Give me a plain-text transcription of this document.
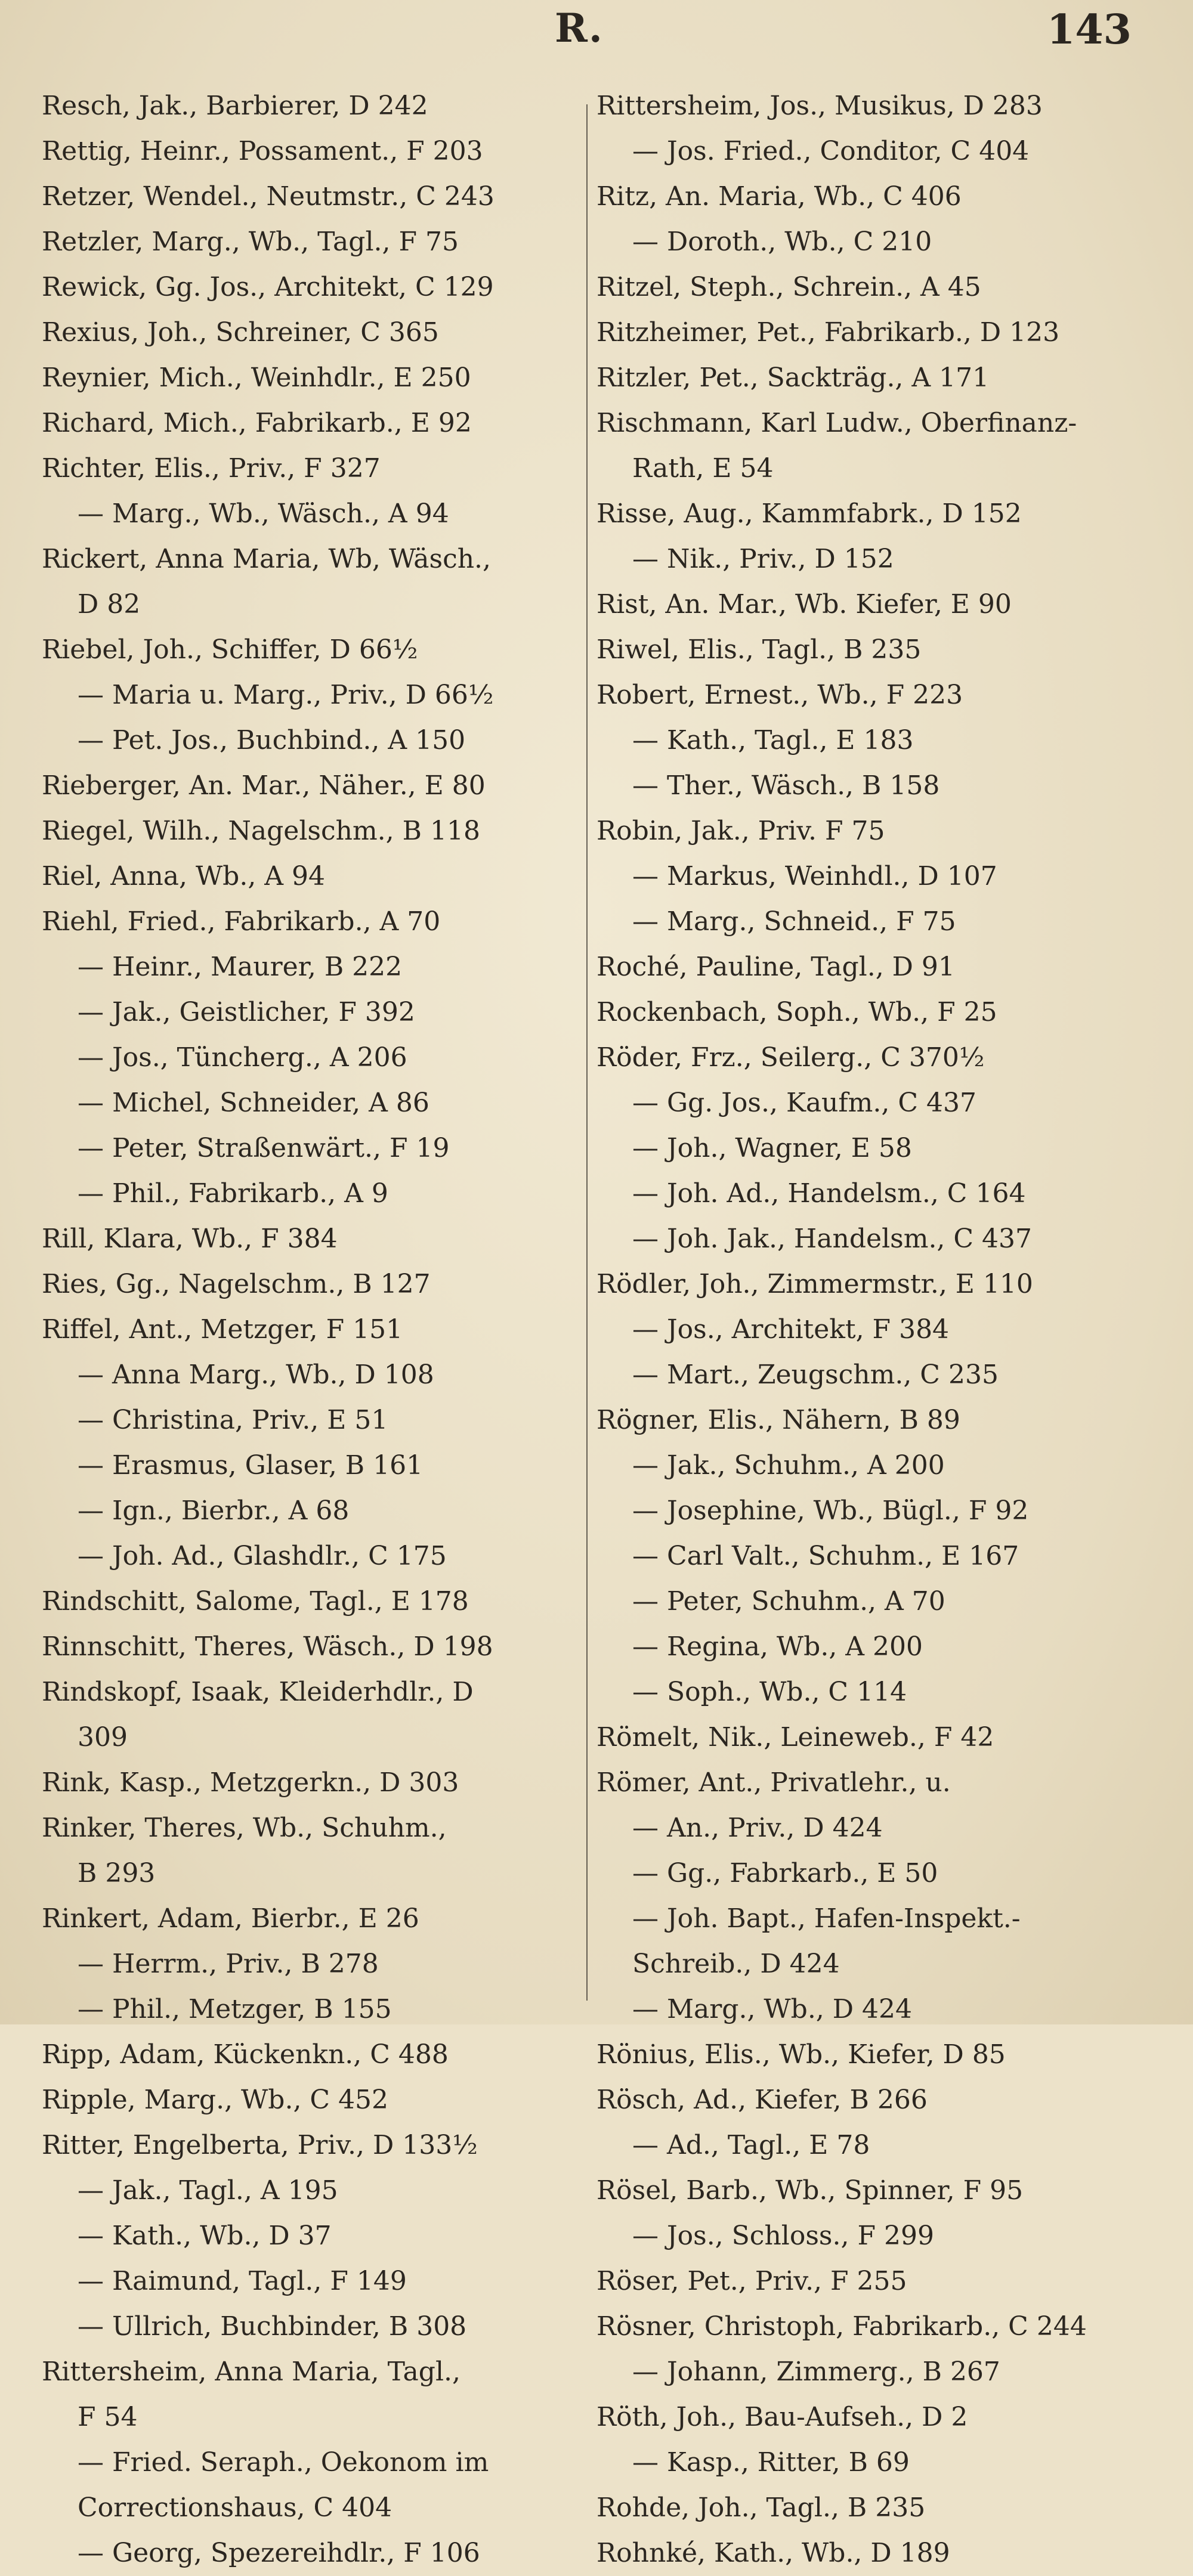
R.	143
Resch, Jak., Barbierer, D 242
Rettig, Heinr., Possament., F 203
Retzer, Wendel., Neutmstr., C 243
Retzler, Marg., Wb., Tagl., F 75
Rewick, Gg. Jos., Architekt, C 129
Rexius, Joh., Schreiner, C 365
Reynier, Mich., Weinhdlr., E 250
Richard, Mich., Fabrikarb., E 92
Richter, Elis., Priv., F 327
— Marg., Wb., Wäsch., A 94
Rickert, Anna Maria, Wb, Wäsch.,
D 82
Riebel, Joh., Schiffer, D 66½
— Maria u. Marg., Priv., D 66½
— Pet. Jos., Buchbind., A 150
Rieberger, An. Mar., Näher., E 80
Riegel, Wilh., Nagelschm., B 118
Riel, Anna, Wb., A 94
Riehl, Fried., Fabrikarb., A 70
— Heinr., Maurer, B 222
— Jak., Geistlicher, F 392
— Jos., Tüncherg., A 206
— Michel, Schneider, A 86
— Peter, Straßenwärt., F 19
— Phil., Fabrikarb., A 9
Rill, Klara, Wb., F 384
Ries, Gg., Nagelschm., B 127
Riffel, Ant., Metzger, F 151
— Anna Marg., Wb., D 108
— Christina, Priv., E 51
— Erasmus, Glaser, B 161
— Ign., Bierbr., A 68
— Joh. Ad., Glashdlr., C 175
Rindschitt, Salome, Tagl., E 178
Rinnschitt, Theres, Wäsch., D 198
Rindskopf, Isaak, Kleiderhdlr., D
309
Rink, Kasp., Metzgerkn., D 303
Rinker, Theres, Wb., Schuhm.,
B 293
Rinkert, Adam, Bierbr., E 26
— Herrm., Priv., B 278
— Phil., Metzger, B 155
Ripp, Adam, Kückenkn., C 488
Ripple, Marg., Wb., C 452
Ritter, Engelberta, Priv., D 133½
— Jak., Tagl., A 195
— Kath., Wb., D 37
— Raimund, Tagl., F 149
— Ullrich, Buchbinder, B 308
Rittersheim, Anna Maria, Tagl.,
F 54
— Fried. Seraph., Oekonom im
Correctionshaus, C 404
— Georg, Spezereihdlr., F 106
Rittersheim, Jos., Musikus, D 283
— Jos. Fried., Conditor, C 404
Ritz, An. Maria, Wb., C 406
— Doroth., Wb., C 210
Ritzel, Steph., Schrein., A 45
Ritzheimer, Pet., Fabrikarb., D 123
Ritzler, Pet., Sackträg., A 171
Rischmann, Karl Ludw., Oberfinanz-
Rath, E 54
Risse, Aug., Kammfabrk., D 152
— Nik., Priv., D 152
Rist, An. Mar., Wb. Kiefer, E 90
Riwel, Elis., Tagl., B 235
Robert, Ernest., Wb., F 223
— Kath., Tagl., E 183
— Ther., Wäsch., B 158
Robin, Jak., Priv. F 75
— Markus, Weinhdl., D 107
— Marg., Schneid., F 75
Roché, Pauline, Tagl., D 91
Rockenbach, Soph., Wb., F 25
Röder, Frz., Seilerg., C 370½
— Gg. Jos., Kaufm., C 437
— Joh., Wagner, E 58
— Joh. Ad., Handelsm., C 164
— Joh. Jak., Handelsm., C 437
Rödler, Joh., Zimmermstr., E 110
— Jos., Architekt, F 384
— Mart., Zeugschm., C 235
Rögner, Elis., Nähern, B 89
— Jak., Schuhm., A 200
— Josephine, Wb., Bügl., F 92
— Carl Valt., Schuhm., E 167
— Peter, Schuhm., A 70
— Regina, Wb., A 200
— Soph., Wb., C 114
Römelt, Nik., Leineweb., F 42
Römer, Ant., Privatlehr., u.
— An., Priv., D 424
— Gg., Fabrkarb., E 50
— Joh. Bapt., Hafen-Inspekt.-
Schreib., D 424
— Marg., Wb., D 424
Rönius, Elis., Wb., Kiefer, D 85
Rösch, Ad., Kiefer, B 266
— Ad., Tagl., E 78
Rösel, Barb., Wb., Spinner, F 95
— Jos., Schloss., F 299
Röser, Pet., Priv., F 255
Rösner, Christoph, Fabrikarb., C 244
— Johann, Zimmerg., B 267
Röth, Joh., Bau-Aufseh., D 2
— Kasp., Ritter, B 69
Rohde, Joh., Tagl., B 235
Rohnké, Kath., Wb., D 189
